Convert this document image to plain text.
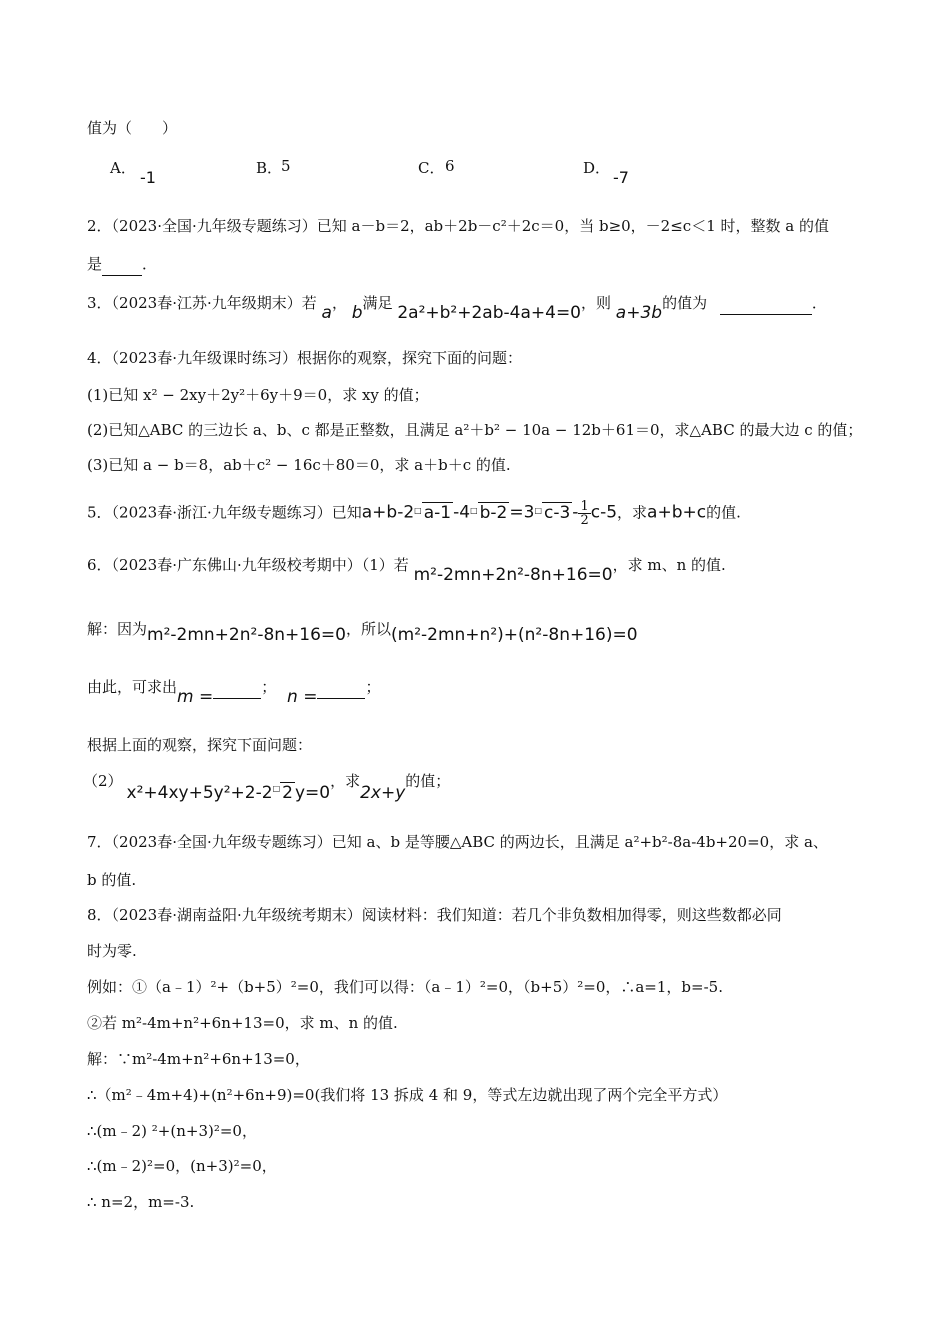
值为（　　）
A． -1	B．
5	C． 6	D． -7
2．（2023·全国·九年级专题练习）已知 a－b＝2，ab＋2b－c²＋2c＝0，当 b≥0，－2≤c＜1 时，整数 a 的值
是	．
3．（2023春·江苏·九年级期末）若 a， b满足 2a²+b²+2ab-4a+4=0，则 a+3b的值为	．
4．（2023春·九年级课时练习）根据你的观察，探究下面的问题：
(1)已知 x² − 2xy＋2y²＋6y＋9＝0，求 xy 的值；
(2)已知△ABC 的三边长 a、b、c 都是正整数，且满足 a²＋b² − 10a − 12b＋61＝0，求△ABC 的最大边 c 的值；
(3)已知 a − b＝8，ab＋c² − 16c＋80＝0，求 a＋b＋c 的值.
5．（2023春·浙江·九年级专题练习）已知a+b-2□ a-1 -4□ b-2 =3□ $c-3 - \frac{1}{2} c-5$，求a+b+c的值.
6．（2023春·广东佛山·九年级校考期中）（1）若 m²-2mn+2n²-8n+16=0，求 m、n 的值.
解：因为m²-2mn+2n²-8n+16=0，所以(m²-2mn+n²)+(n²-8n+16)=0
由此，可求出m =	； n =	；
根据上面的观察，探究下面问题：
（2）x²+4xy+5y²+2-2□ 2 y=0，求2x+y的值；
7．（2023春·全国·九年级专题练习）已知 a、b 是等腰△ABC 的两边长，且满足 a²+b²-8a-4b+20=0，求 a、
b 的值.
8．（2023春·湖南益阳·九年级统考期末）阅读材料：我们知道：若几个非负数相加得零，则这些数都必同
时为零.
例如：①（a﹣1）²+（b+5）²=0，我们可以得：（a﹣1）²=0，（b+5）²=0，∴a=1，b=-5.
②若 m²-4m+n²+6n+13=0，求 m、n 的值.
解：∵m²-4m+n²+6n+13=0，
∴（m²﹣4m+4)+(n²+6n+9)=0(我们将 13 拆成 4 和 9，等式左边就出现了两个完全平方式）
∴(m﹣2) ²+(n+3)²=0，
∴(m﹣2)²=0，(n+3)²=0，
∴ n=2，m=-3.
